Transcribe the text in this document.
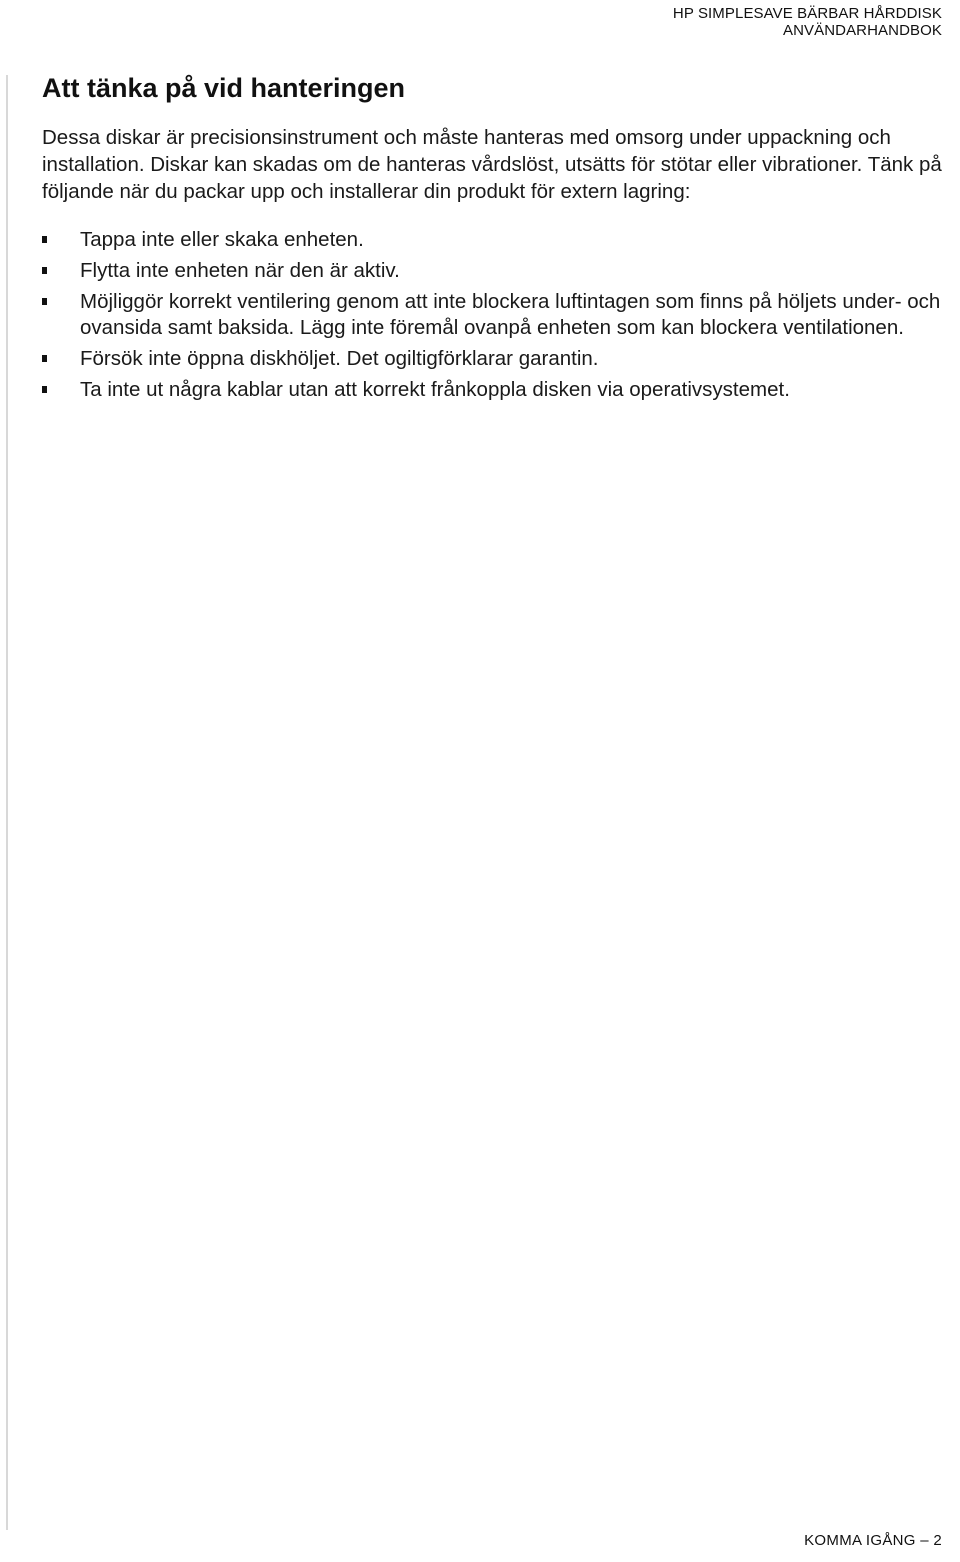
HP SIMPLESAVE BÄRBAR HÅRDDISK
ANVÄNDARHANDBOK
Att tänka på vid hanteringen

Dessa diskar är precisionsinstrument och måste hanteras med omsorg under uppackning och installation. Diskar kan skadas om de hanteras vårdslöst, utsätts för stötar eller vibrationer. Tänk på följande när du packar upp och installerar din produkt för extern lagring:

Tappa inte eller skaka enheten.
Flytta inte enheten när den är aktiv.
Möjliggör korrekt ventilering genom att inte blockera luftintagen som finns på höljets under- och ovansida samt baksida. Lägg inte föremål ovanpå enheten som kan blockera ventilationen.
Försök inte öppna diskhöljet. Det ogiltigförklarar garantin.
Ta inte ut några kablar utan att korrekt frånkoppla disken via operativsystemet.
KOMMA IGÅNG – 2
